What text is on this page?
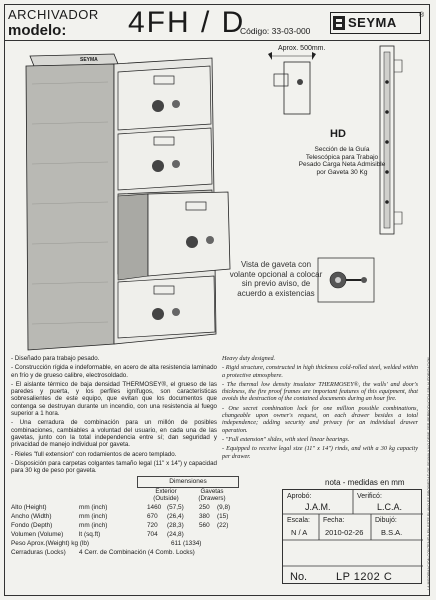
ARCHIVADOR
modelo: 4FH / D
Código: 33-03-000
SEYMA	®
SEYMA
Aprox. 500mm.
HD
Sección de la Guía Telescópica para Trabajo Pesado Carga Neta Admisible por Gaveta 30 Kg
Vista de gaveta con volante opcional a colocar sin previo aviso, de acuerdo a existencias

- Diseñado para trabajo pesado.

- Construcción rígida e indeformable, en acero de alta resistencia laminado en frío y de grueso calibre, electrosoldado.

- El aislante térmico de baja densidad THERMOSEY®, el grueso de las paredes y puerta, y los perfiles ignífugos, son características sobresalientes de este equipo, que evitan que los documentos que contenga se destruyan durante un incendio, con una resistencia al fuego superior a 1 hora.

- Una cerradura de combinación para un millón de posibles combinaciones, cambiables a voluntad del usuario, en cada una de las gavetas, junto con la total independencia entre sí; dan seguridad y privacidad de manejo individual por gaveta.

- Rieles "full extension" con rodamientos de acero templado.

- Disposición para carpetas colgantes tamaño legal (11" x 14") y capacidad para 30 kg de peso por gaveta.

Heavy duty designed.

- Rigid structure, constructed in high thickness cold-rolled steel, welded within a protective atmosphere.

- The thermal low density insulator THERMOSEY®, the walls' and door's thickness, the fire proof frames are important features of this equipment, that avoids the destruction of the contained documents during an hour fire.

- One secret combination lock for one million possible combinations, changeable upon owner's request, on each drawer besides a total independence; adding security and privacy for an individual drawer operation.

- "Full extension" slides, with steel linear bearings.

- Equipped to receive legal size (11" x 14") rinds, and with a 30 kg capacity per drawer.

Dimensiones
Exterior
(Outside)
Gavetas
(Drawers)
Alto (Height)	mm (inch)	1460 (57,5) 250 (9,8)
Ancho (Width)	mm (inch)	670 (26,4) 380 (15)
Fondo (Depth)	mm (inch)	720 (28,3) 560 (22)
Volumen (Volume) lt (sq.ft)	704 (24,8)
Peso Aprox.(Weight) kg (lb)	611 (1334)
Cerraduras (Locks) 4 Cerr. de Combinación (4 Comb. Locks)
nota - medidas en mm
Aprobó:
J.A.M.
Verificó:
L.C.A.
Escala:
N / A
Fecha:
2010-02-26
Dibujó:
B.S.A.
No.	LP 1202 C	LA INFORMACION CONTENIDA EN ESTE PLANO ES PROPIEDAD DE SEYMA Y NO DEBE SER REPRODUCIDA SIN AUTORIZACION
